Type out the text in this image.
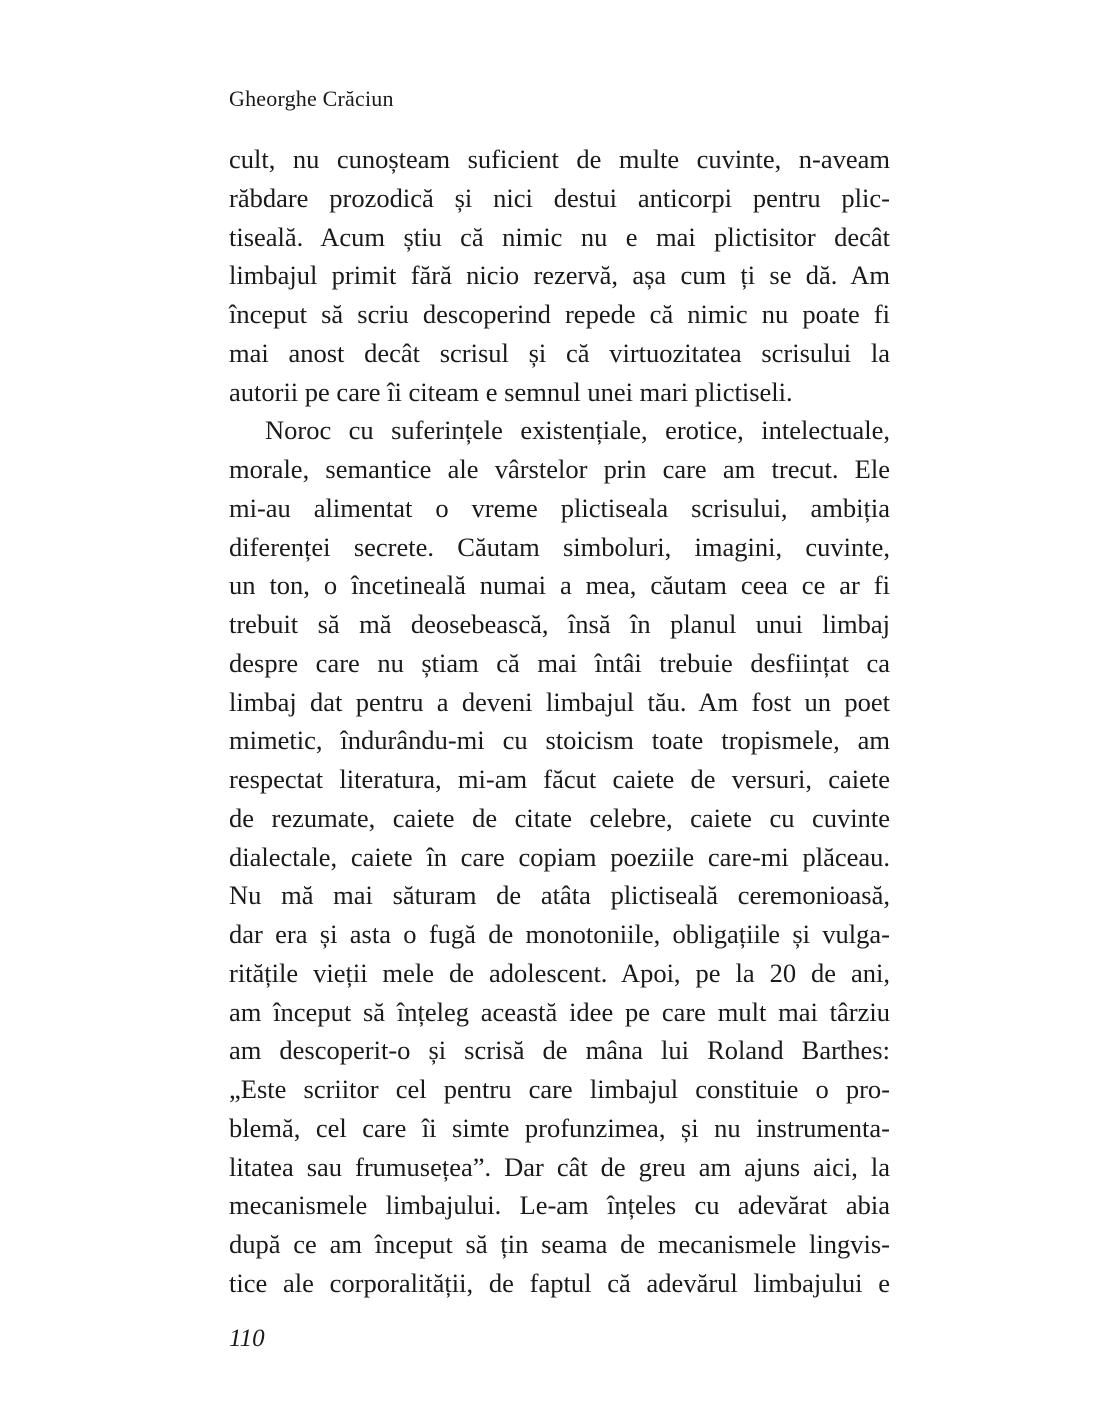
Gheorghe Crăciun
cult, nu cunoșteam suficient de multe cuvinte, n-aveam
răbdare prozodică și nici destui anticorpi pentru plic-
tiseală. Acum știu că nimic nu e mai plictisitor decât
limbajul primit fără nicio rezervă, așa cum ți se dă. Am
început să scriu descoperind repede că nimic nu poate fi
mai anost decât scrisul și că virtuozitatea scrisului la
autorii pe care îi citeam e semnul unei mari plictiseli.
Noroc cu suferințele existențiale, erotice, intelectuale,
morale, semantice ale vârstelor prin care am trecut. Ele
mi-au alimentat o vreme plictiseala scrisului, ambiția
diferenței secrete. Căutam simboluri, imagini, cuvinte,
un ton, o încetineală numai a mea, căutam ceea ce ar fi
trebuit să mă deosebească, însă în planul unui limbaj
despre care nu știam că mai întâi trebuie desființat ca
limbaj dat pentru a deveni limbajul tău. Am fost un poet
mimetic, îndurându-mi cu stoicism toate tropismele, am
respectat literatura, mi-am făcut caiete de versuri, caiete
de rezumate, caiete de citate celebre, caiete cu cuvinte
dialectale, caiete în care copiam poeziile care-mi plăceau.
Nu mă mai săturam de atâta plictiseală ceremonioasă,
dar era și asta o fugă de monotoniile, obligațiile și vulga-
ritățile vieții mele de adolescent. Apoi, pe la 20 de ani,
am început să înțeleg această idee pe care mult mai târziu
am descoperit-o și scrisă de mâna lui Roland Barthes:
„Este scriitor cel pentru care limbajul constituie o pro-
blemă, cel care îi simte profunzimea, și nu instrumenta-
litatea sau frumusețea”. Dar cât de greu am ajuns aici, la
mecanismele limbajului. Le-am înțeles cu adevărat abia
după ce am început să țin seama de mecanismele lingvis-
tice ale corporalității, de faptul că adevărul limbajului e
110
